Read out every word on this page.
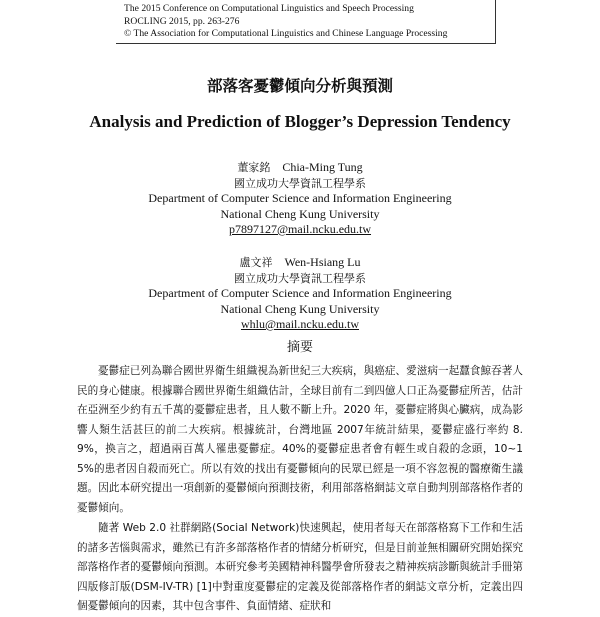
The 2015 Conference on Computational Linguistics and Speech Processing
ROCLING 2015, pp. 263-276
© The Association for Computational Linguistics and Chinese Language Processing
部落客憂鬱傾向分析與預測
Analysis and Prediction of Blogger’s Depression Tendency
董家銘 Chia-Ming Tung
國立成功大學資訊工程學系
Department of Computer Science and Information Engineering
National Cheng Kung University
p7897127@mail.ncku.edu.tw
盧文祥 Wen-Hsiang Lu
國立成功大學資訊工程學系
Department of Computer Science and Information Engineering
National Cheng Kung University
whlu@mail.ncku.edu.tw
摘要
憂鬱症已列為聯合國世界衛生組織視為新世紀三大疾病，與癌症、愛滋病一起蠶食鯨吞著人民的身心健康。根據聯合國世界衛生組織估計，全球目前有二到四億人口正為憂鬱症所苦，估計在亞洲至少約有五千萬的憂鬱症患者，且人數不斷上升。2020 年，憂鬱症將與心臟病，成為影響人類生活甚巨的前二大疾病。根據統計，台灣地區 2007年統計結果，憂鬱症盛行率約 8.9%，換言之，超過兩百萬人罹患憂鬱症。40%的憂鬱症患者會有輕生或自殺的念頭，10~15%的患者因自殺而死亡。所以有效的找出有憂鬱傾向的民眾已經是一項不容忽視的醫療衛生議題。因此本研究提出一項創新的憂鬱傾向預測技術，利用部落格網誌文章自動判別部落格作者的憂鬱傾向。
隨著 Web 2.0 社群網路(Social Network)快速興起，使用者每天在部落格寫下工作和生活的諸多苦惱與需求，雖然已有許多部落格作者的情緒分析研究，但是目前並無相關研究開始探究部落格作者的憂鬱傾向預測。本研究參考美國精神科醫學會所發表之精神疾病診斷與統計手冊第四版修訂版(DSM-IV-TR) [1]中對重度憂鬱症的定義及從部落格作者的網誌文章分析，定義出四個憂鬱傾向的因素，其中包含事件、負面情緒、症狀和
